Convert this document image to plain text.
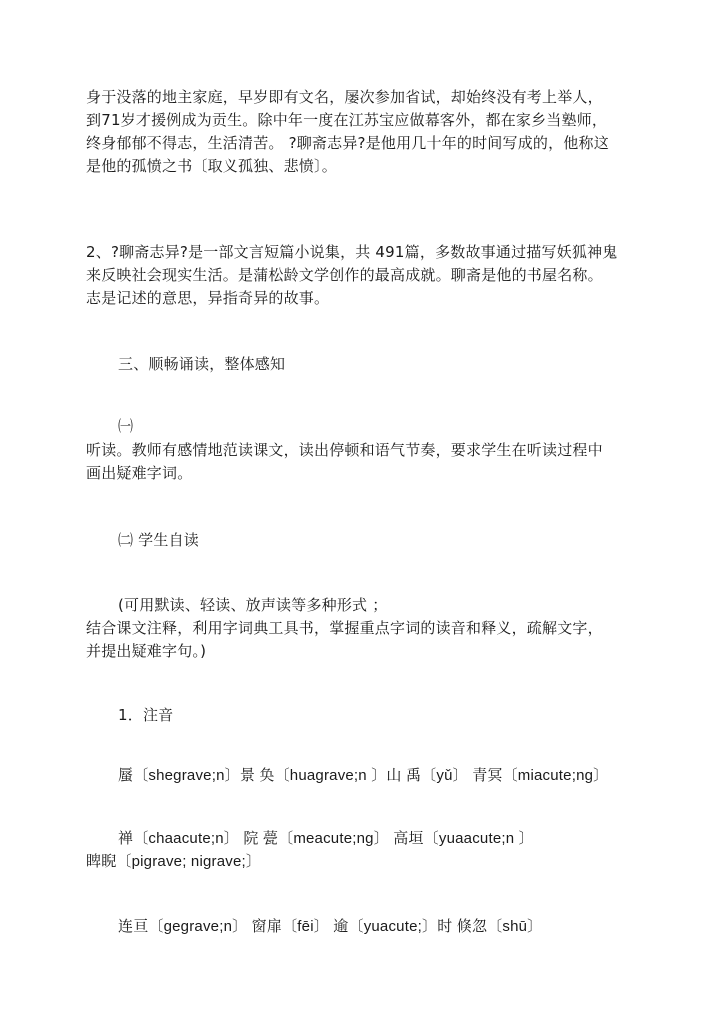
身于没落的地主家庭，早岁即有文名，屡次参加省试，却始终没有考上举人，
到71岁才援例成为贡生。除中年一度在江苏宝应做幕客外，都在家乡当塾师，
终身郁郁不得志，生活清苦。 ?聊斋志异?是他用几十年的时间写成的，他称这
是他的孤愤之书〔取义孤独、悲愤〕。
2、?聊斋志异?是一部文言短篇小说集，共 491篇，多数故事通过描写妖狐神鬼
来反映社会现实生活。是蒲松龄文学创作的最高成就。聊斋是他的书屋名称。
志是记述的意思，异指奇异的故事。
三、顺畅诵读，整体感知
㈠
听读。教师有感情地范读课文，读出停顿和语气节奏，要求学生在听读过程中
画出疑难字词。
㈡ 学生自读
(可用默读、轻读、放声读等多种形式 ；
结合课文注释，利用字词典工具书，掌握重点字词的读音和释义，疏解文字，
并提出疑难字句。)
1．注音
蜃〔shegrave;n〕景 奂〔huagrave;n 〕山 禹〔yǔ〕 青冥〔miacute;ng〕
禅〔chaacute;n〕 院 甍〔meacute;ng〕 高垣〔yuaacute;n 〕
睥睨〔pigrave; nigrave;〕
连亘〔gegrave;n〕 窗扉〔fēi〕 逾〔yuacute;〕时 倏忽〔shū〕
